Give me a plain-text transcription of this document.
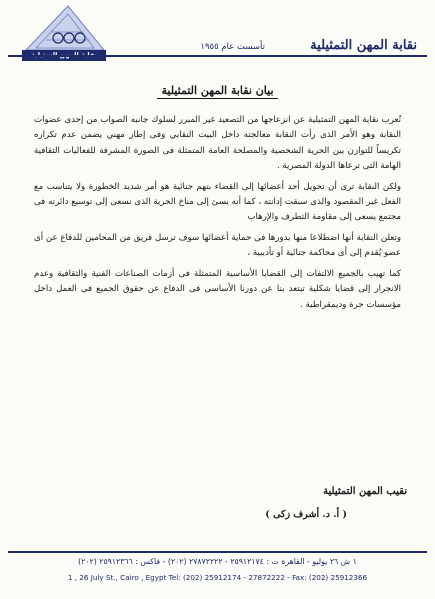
تأسست عام ١٩٥٥	نقابة المهن التمثيلية
بيان نقابة المهن التمثيلية

تُعرب نقابة المهن التمثيلية عن انزعاجها من التصعيد غير المبرر لسلوك جانبه الصواب من إحدى عضوات النقابة وهو الأمر الذى رأت النقابة معالجته داخل البيت النقابي وفى إطار مهني يضمن عدم تكراره تكريساً للتوازن بين الحرية الشخصية والمصلحة العامة المتمثلة فى الصورة المشرفة للفعاليات الثقافية الهامة التى ترعاها الدولة المصرية .

ولكن النقابة ترى أن تحويل أحد أعضائها إلى القضاء بتهم جنائية هو أمر شديد الخطورة ولا يتناسب مع الفعل غير المقصود والذى سبقت إدانته ، كما أنه يسئ إلى مناخ الحرية الذى نسعى إلى توسيع دائرته فى مجتمع يسعى إلى مقاومة التطرف والإرهاب

وتعلن النقابة أنها اضطلاعا منها بدورها فى حماية أعضائها سوف ترسل فريق من المحامين للدفاع عن أى عضو يُقدم إلى أى محاكمة جنائية أو تأديبية ،

كما تهيب بالجميع الالتفات إلى القضايا الأساسية المتمثلة فى أزمات الصناعات الفنية والثقافية وعدم الانجرار إلى قضايا شكلية تبتعد بنا عن دورنا الأساسى فى الدفاع عن حقوق الجميع فى العمل داخل مؤسسات حرة وديمقراطية .

نقيب المهن التمثيلية
( أ. د. أشرف زكى )
١ ش ٢٦ يوليو - القاهرة ت : ٢٥٩١٢١٧٤ - ٢٧٨٧٢٢٢٢ (٢٠٢) - فاكس : ٢٥٩١٢٣٦٦ (٢٠٢)
1 , 26 July St., Cairo , Egypt Tel: (202) 25912174 - 27872222 - Fax: (202) 25912366
